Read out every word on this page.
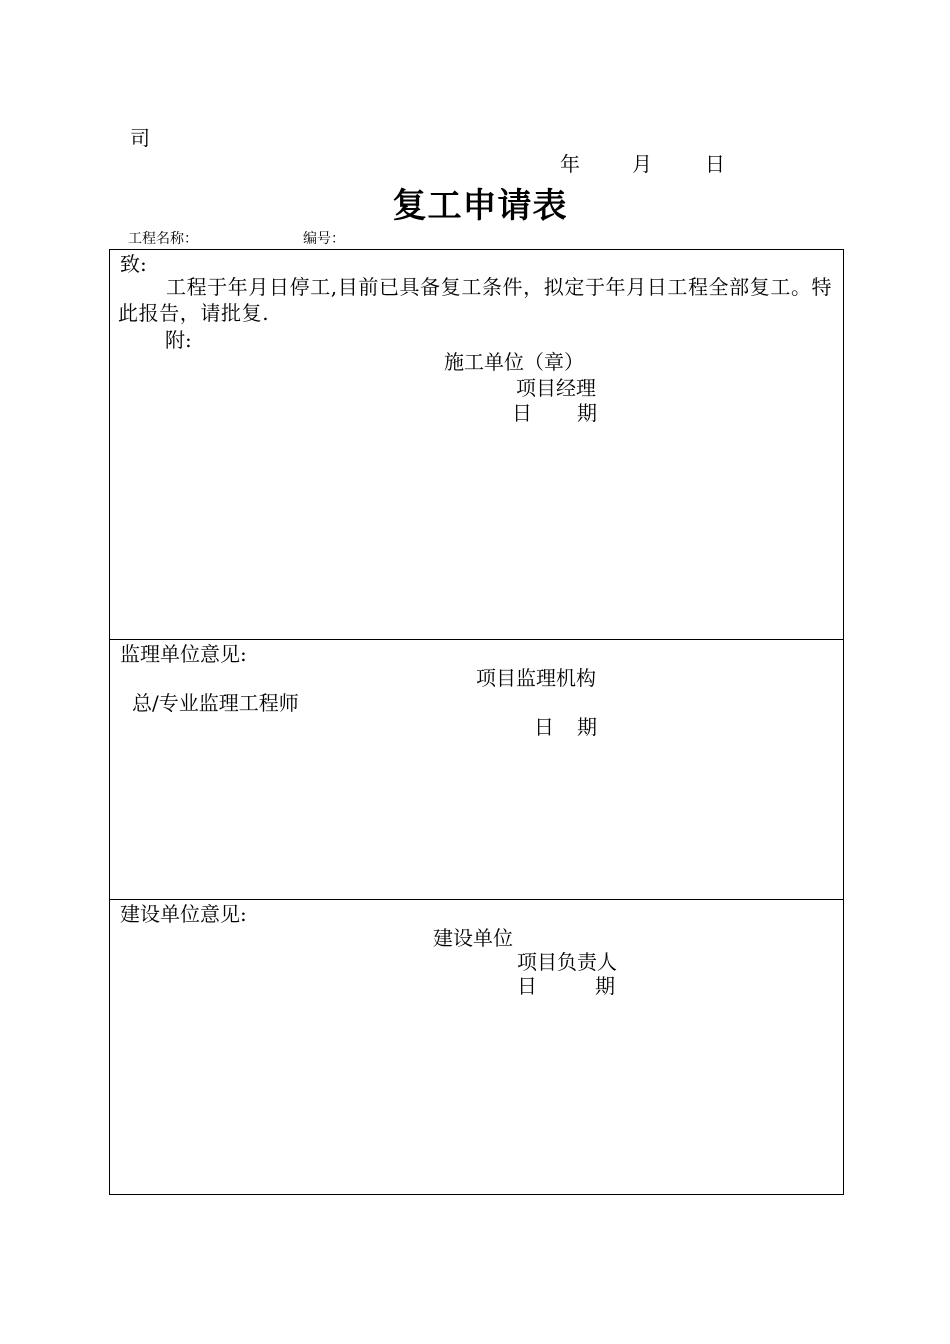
司
年	月	日
复工申请表
工程名称：	编号：
致:
工程于年月日停工,目前已具备复工条件，拟定于年月日工程全部复工。特此报告，请批复.
附:
施工单位（章）
项目经理
日 期
监理单位意见:
项目监理机构
总/专业监理工程师
日 期
建设单位意见:
建设单位
项目负责人
日	期
